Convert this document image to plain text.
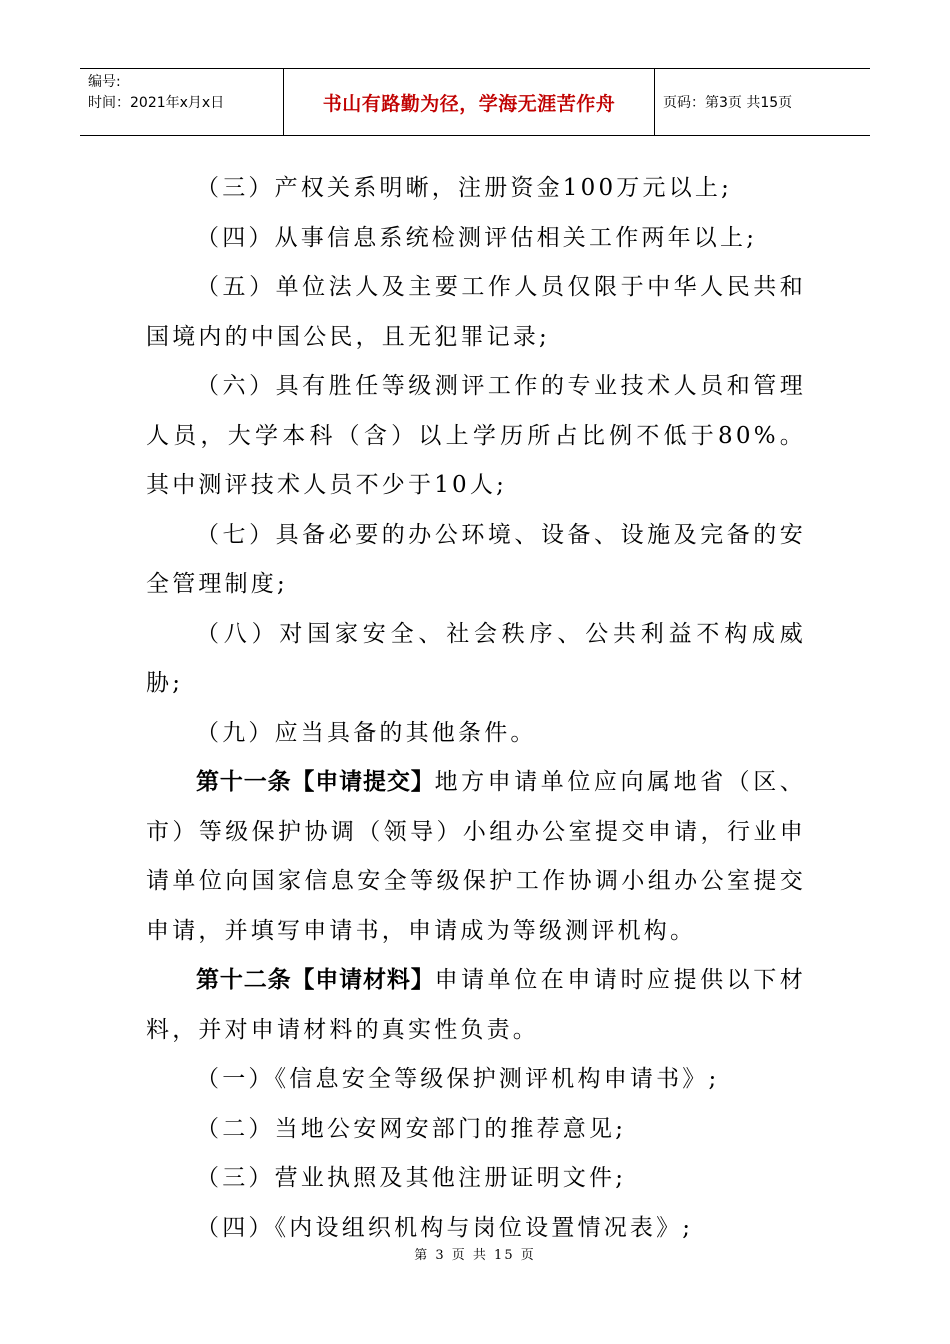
编号:
时间：2021年x月x日	书山有路勤为径，学海无涯苦作舟	页码：第3页 共15页

（三）产权关系明晰，注册资金100万元以上;

（四）从事信息系统检测评估相关工作两年以上;

（五）单位法人及主要工作人员仅限于中华人民共和国境内的中国公民，且无犯罪记录;

（六）具有胜任等级测评工作的专业技术人员和管理人员，大学本科（含）以上学历所占比例不低于80%。其中测评技术人员不少于10人;

（七）具备必要的办公环境、设备、设施及完备的安全管理制度;

（八）对国家安全、社会秩序、公共利益不构成威胁;

（九）应当具备的其他条件。

第十一条【申请提交】地方申请单位应向属地省（区、市）等级保护协调（领导）小组办公室提交申请，行业申请单位向国家信息安全等级保护工作协调小组办公室提交申请，并填写申请书，申请成为等级测评机构。

第十二条【申请材料】申请单位在申请时应提供以下材料，并对申请材料的真实性负责。

（一）《信息安全等级保护测评机构申请书》;

（二）当地公安网安部门的推荐意见;

（三）营业执照及其他注册证明文件;

（四）《内设组织机构与岗位设置情况表》;

第 3 页 共 15 页
